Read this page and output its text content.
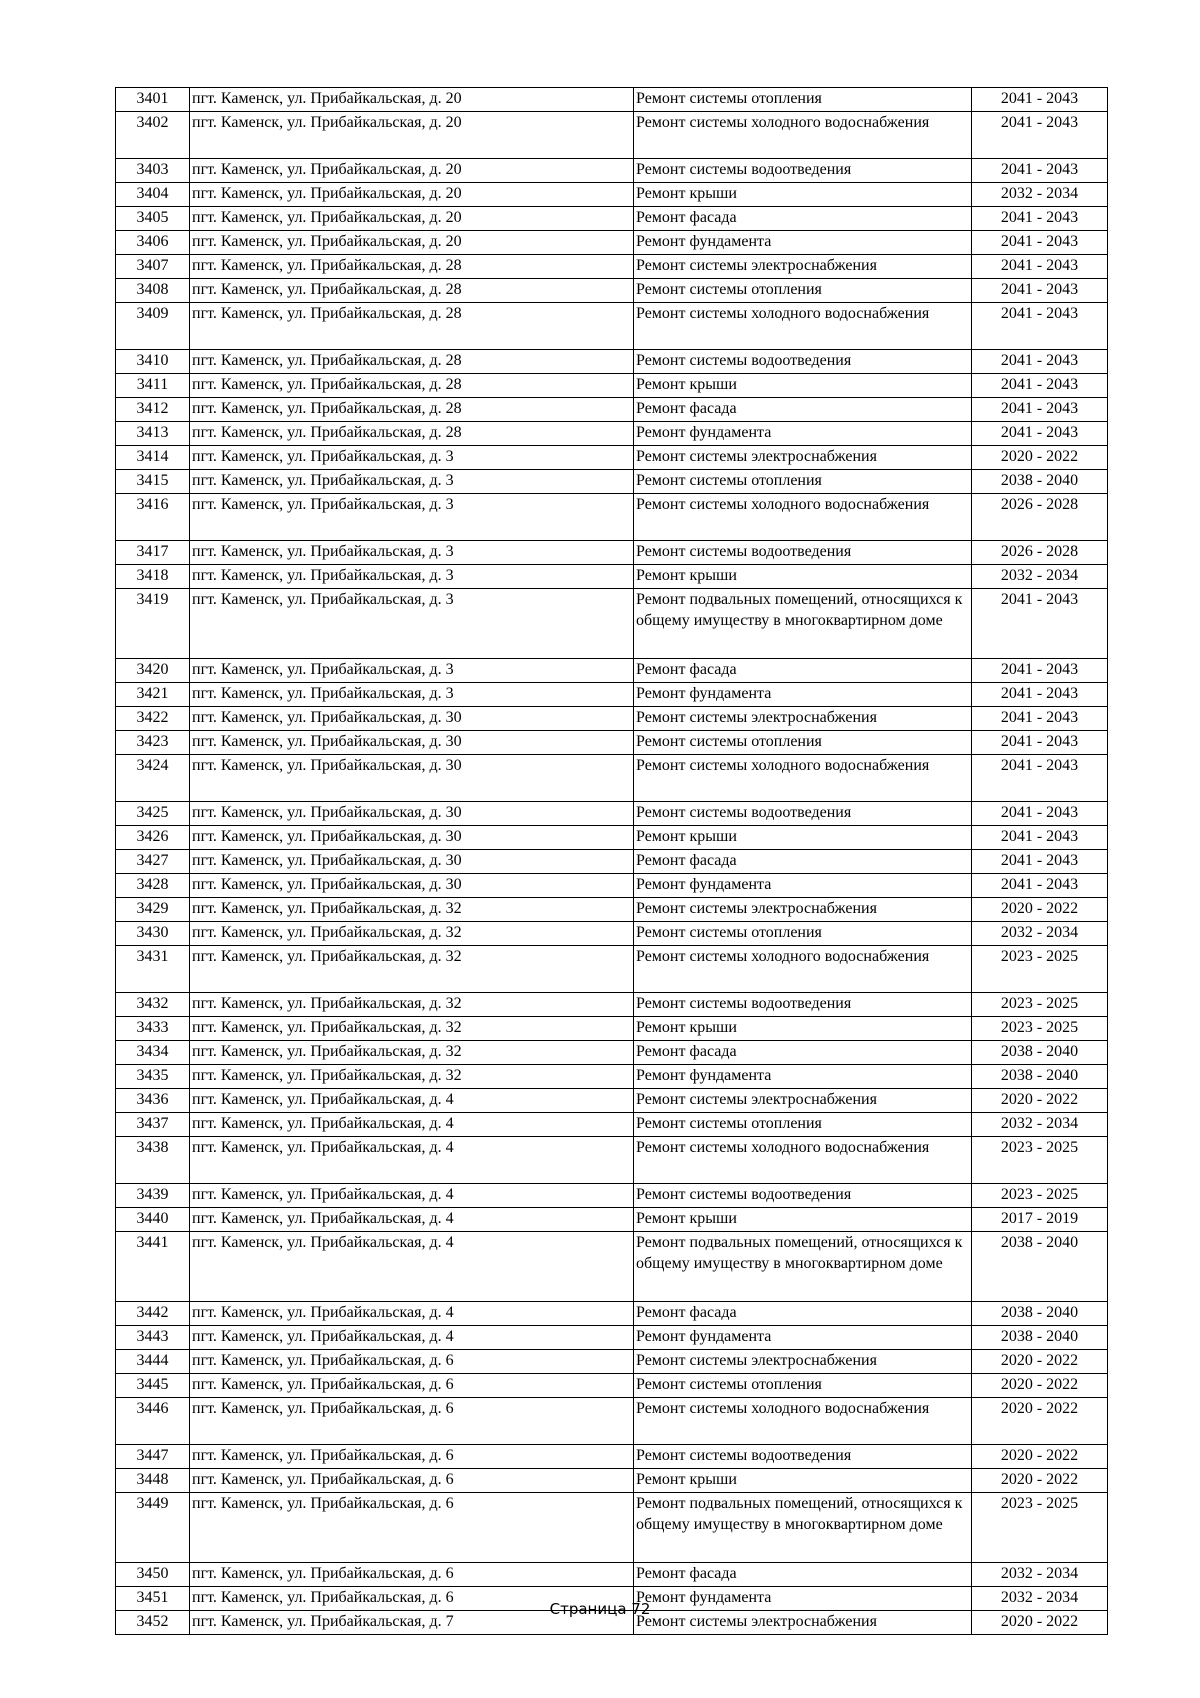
3401	пгт. Каменск, ул. Прибайкальская, д. 20	Ремонт системы отопления	2041 - 2043
3402	пгт. Каменск, ул. Прибайкальская, д. 20	Ремонт системы холодного водоснабжения	2041 - 2043
3403	пгт. Каменск, ул. Прибайкальская, д. 20	Ремонт системы водоотведения	2041 - 2043
3404	пгт. Каменск, ул. Прибайкальская, д. 20	Ремонт крыши	2032 - 2034
3405	пгт. Каменск, ул. Прибайкальская, д. 20	Ремонт фасада	2041 - 2043
3406	пгт. Каменск, ул. Прибайкальская, д. 20	Ремонт фундамента	2041 - 2043
3407	пгт. Каменск, ул. Прибайкальская, д. 28	Ремонт системы электроснабжения	2041 - 2043
3408	пгт. Каменск, ул. Прибайкальская, д. 28	Ремонт системы отопления	2041 - 2043
3409	пгт. Каменск, ул. Прибайкальская, д. 28	Ремонт системы холодного водоснабжения	2041 - 2043
3410	пгт. Каменск, ул. Прибайкальская, д. 28	Ремонт системы водоотведения	2041 - 2043
3411	пгт. Каменск, ул. Прибайкальская, д. 28	Ремонт крыши	2041 - 2043
3412	пгт. Каменск, ул. Прибайкальская, д. 28	Ремонт фасада	2041 - 2043
3413	пгт. Каменск, ул. Прибайкальская, д. 28	Ремонт фундамента	2041 - 2043
3414	пгт. Каменск, ул. Прибайкальская, д. 3	Ремонт системы электроснабжения	2020 - 2022
3415	пгт. Каменск, ул. Прибайкальская, д. 3	Ремонт системы отопления	2038 - 2040
3416	пгт. Каменск, ул. Прибайкальская, д. 3	Ремонт системы холодного водоснабжения	2026 - 2028
3417	пгт. Каменск, ул. Прибайкальская, д. 3	Ремонт системы водоотведения	2026 - 2028
3418	пгт. Каменск, ул. Прибайкальская, д. 3	Ремонт крыши	2032 - 2034
3419	пгт. Каменск, ул. Прибайкальская, д. 3	Ремонт подвальных помещений, относящихся к общему имуществу в многоквартирном доме	2041 - 2043
3420	пгт. Каменск, ул. Прибайкальская, д. 3	Ремонт фасада	2041 - 2043
3421	пгт. Каменск, ул. Прибайкальская, д. 3	Ремонт фундамента	2041 - 2043
3422	пгт. Каменск, ул. Прибайкальская, д. 30	Ремонт системы электроснабжения	2041 - 2043
3423	пгт. Каменск, ул. Прибайкальская, д. 30	Ремонт системы отопления	2041 - 2043
3424	пгт. Каменск, ул. Прибайкальская, д. 30	Ремонт системы холодного водоснабжения	2041 - 2043
3425	пгт. Каменск, ул. Прибайкальская, д. 30	Ремонт системы водоотведения	2041 - 2043
3426	пгт. Каменск, ул. Прибайкальская, д. 30	Ремонт крыши	2041 - 2043
3427	пгт. Каменск, ул. Прибайкальская, д. 30	Ремонт фасада	2041 - 2043
3428	пгт. Каменск, ул. Прибайкальская, д. 30	Ремонт фундамента	2041 - 2043
3429	пгт. Каменск, ул. Прибайкальская, д. 32	Ремонт системы электроснабжения	2020 - 2022
3430	пгт. Каменск, ул. Прибайкальская, д. 32	Ремонт системы отопления	2032 - 2034
3431	пгт. Каменск, ул. Прибайкальская, д. 32	Ремонт системы холодного водоснабжения	2023 - 2025
3432	пгт. Каменск, ул. Прибайкальская, д. 32	Ремонт системы водоотведения	2023 - 2025
3433	пгт. Каменск, ул. Прибайкальская, д. 32	Ремонт крыши	2023 - 2025
3434	пгт. Каменск, ул. Прибайкальская, д. 32	Ремонт фасада	2038 - 2040
3435	пгт. Каменск, ул. Прибайкальская, д. 32	Ремонт фундамента	2038 - 2040
3436	пгт. Каменск, ул. Прибайкальская, д. 4	Ремонт системы электроснабжения	2020 - 2022
3437	пгт. Каменск, ул. Прибайкальская, д. 4	Ремонт системы отопления	2032 - 2034
3438	пгт. Каменск, ул. Прибайкальская, д. 4	Ремонт системы холодного водоснабжения	2023 - 2025
3439	пгт. Каменск, ул. Прибайкальская, д. 4	Ремонт системы водоотведения	2023 - 2025
3440	пгт. Каменск, ул. Прибайкальская, д. 4	Ремонт крыши	2017 - 2019
3441	пгт. Каменск, ул. Прибайкальская, д. 4	Ремонт подвальных помещений, относящихся к общему имуществу в многоквартирном доме	2038 - 2040
3442	пгт. Каменск, ул. Прибайкальская, д. 4	Ремонт фасада	2038 - 2040
3443	пгт. Каменск, ул. Прибайкальская, д. 4	Ремонт фундамента	2038 - 2040
3444	пгт. Каменск, ул. Прибайкальская, д. 6	Ремонт системы электроснабжения	2020 - 2022
3445	пгт. Каменск, ул. Прибайкальская, д. 6	Ремонт системы отопления	2020 - 2022
3446	пгт. Каменск, ул. Прибайкальская, д. 6	Ремонт системы холодного водоснабжения	2020 - 2022
3447	пгт. Каменск, ул. Прибайкальская, д. 6	Ремонт системы водоотведения	2020 - 2022
3448	пгт. Каменск, ул. Прибайкальская, д. 6	Ремонт крыши	2020 - 2022
3449	пгт. Каменск, ул. Прибайкальская, д. 6	Ремонт подвальных помещений, относящихся к общему имуществу в многоквартирном доме	2023 - 2025
3450	пгт. Каменск, ул. Прибайкальская, д. 6	Ремонт фасада	2032 - 2034
3451	пгт. Каменск, ул. Прибайкальская, д. 6	Ремонт фундамента	2032 - 2034
3452	пгт. Каменск, ул. Прибайкальская, д. 7	Ремонт системы электроснабжения	2020 - 2022
Страница 72
